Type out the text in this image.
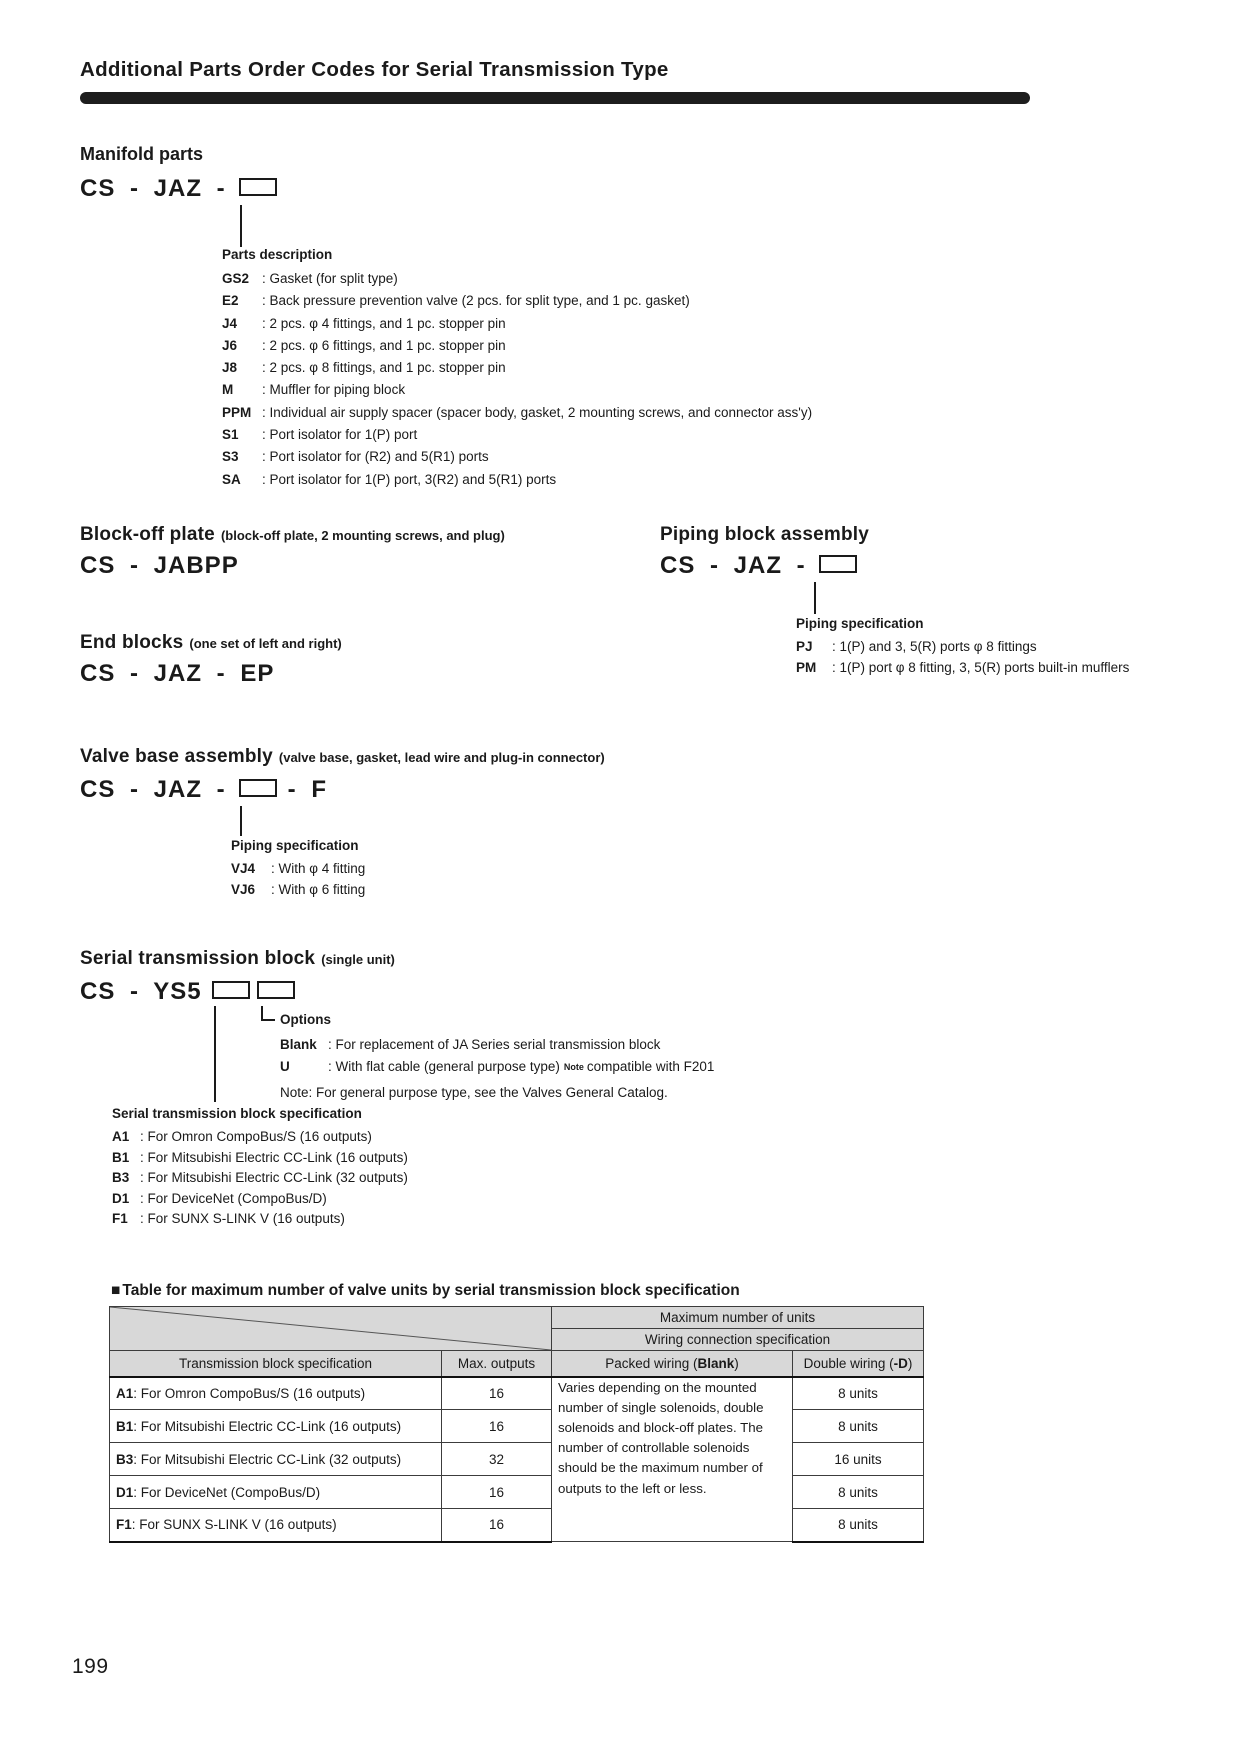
Additional Parts Order Codes for Serial Transmission Type
Manifold parts
CS - JAZ -
Parts description
GS2 : Gasket (for split type)
E2	: Back pressure prevention valve (2 pcs. for split type, and 1 pc. gasket)
J4	: 2 pcs. φ 4 fittings, and 1 pc. stopper pin
J6	: 2 pcs. φ 6 fittings, and 1 pc. stopper pin
J8	: 2 pcs. φ 8 fittings, and 1 pc. stopper pin
M	: Muffler for piping block
PPM : Individual air supply spacer (spacer body, gasket, 2 mounting screws, and connector ass'y)
S1	: Port isolator for 1(P) port
S3	: Port isolator for (R2) and 5(R1) ports
SA	: Port isolator for 1(P) port, 3(R2) and 5(R1) ports
Block-off plate (block-off plate, 2 mounting screws, and plug)
CS - JABPP
Piping block assembly
CS - JAZ -
Piping specification
PJ	: 1(P) and 3, 5(R) ports φ 8 fittings
PM	: 1(P) port φ 8 fitting, 3, 5(R) ports built-in mufflers
End blocks (one set of left and right)
CS - JAZ - EP
Valve base assembly (valve base, gasket, lead wire and plug-in connector)
CS - JAZ -	- F
Piping specification
VJ4	: With φ 4 fitting
VJ6	: With φ 6 fitting
Serial transmission block (single unit)
CS - YS5
Options
Blank : For replacement of JA Series serial transmission block
U	: With flat cable (general purpose type) Note compatible with F201
Note: For general purpose type, see the Valves General Catalog.
Serial transmission block specification
A1 : For Omron CompoBus/S (16 outputs)
B1 : For Mitsubishi Electric CC-Link (16 outputs)
B3 : For Mitsubishi Electric CC-Link (32 outputs)
D1 : For DeviceNet (CompoBus/D)
F1 : For SUNX S-LINK V (16 outputs)
■ Table for maximum number of valve units by serial transmission block specification
	Maximum number of units	
		Wiring connection specification	
Transmission block specification	Max. outputs	Packed wiring (Blank)	Double wiring (-D)
A1: For Omron CompoBus/S (16 outputs)	16	Varies depending on the mounted number of single solenoids, double solenoids and block-off plates. The number of controllable solenoids should be the maximum number of outputs to the left or less.	8 units
B1: For Mitsubishi Electric CC-Link (16 outputs)	16		8 units
B3: For Mitsubishi Electric CC-Link (32 outputs)	32		16 units
D1: For DeviceNet (CompoBus/D)	16		8 units
F1: For SUNX S-LINK V (16 outputs)	16		8 units
199
